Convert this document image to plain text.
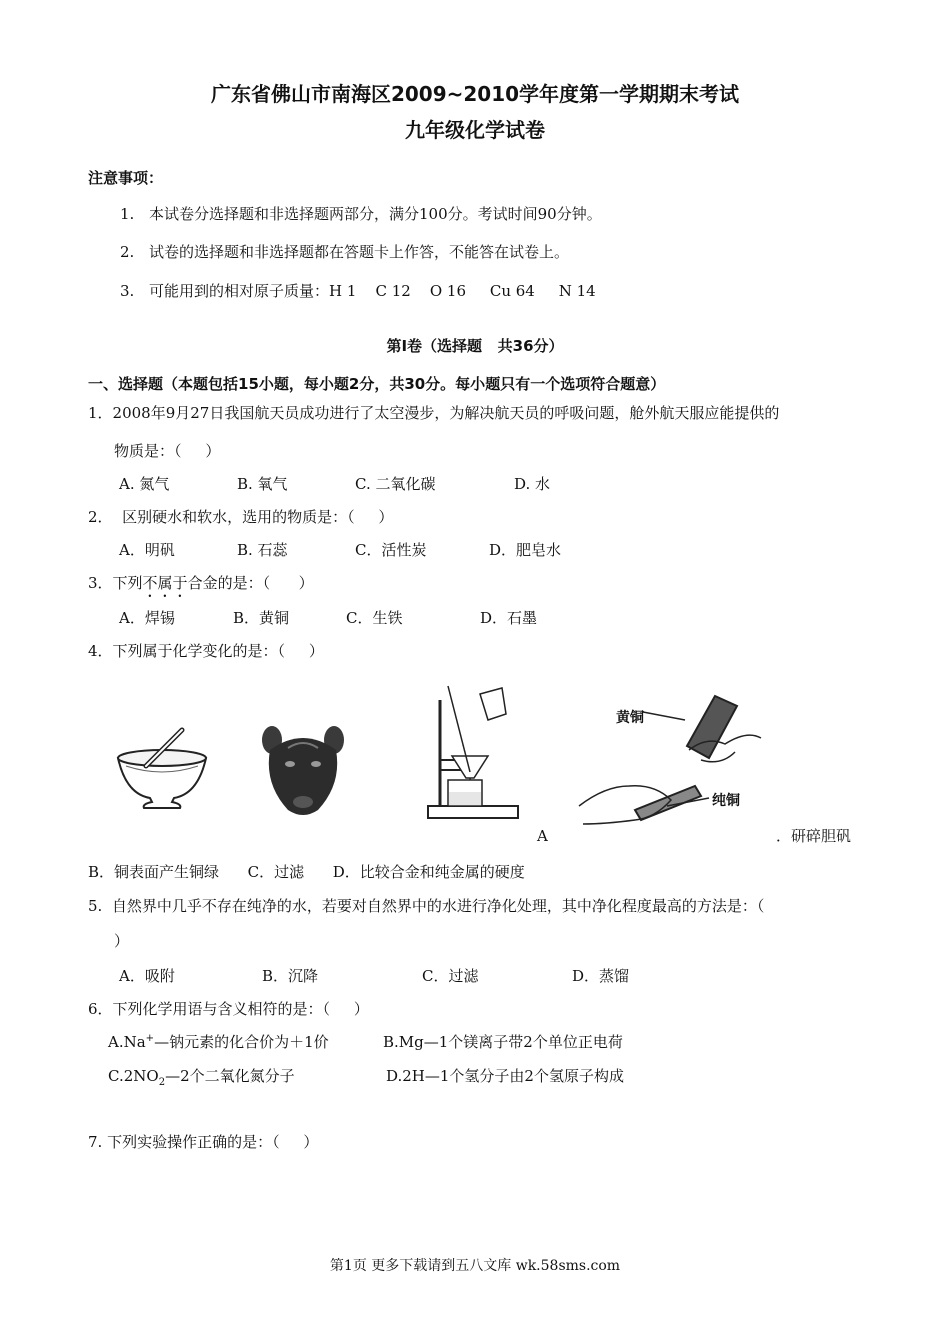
广东省佛山市南海区2009~2010学年度第一学期期末考试
九年级化学试卷
注意事项：
1. 本试卷分选择题和非选择题两部分，满分100分。考试时间90分钟。
2. 试卷的选择题和非选择题都在答题卡上作答，不能答在试卷上。
3. 可能用到的相对原子质量：H 1    C 12    O 16     Cu 64     N 14
第Ⅰ卷（选择题   共36分）
一、选择题（本题包括15小题，每小题2分，共30分。每小题只有一个选项符合题意）
1．2008年9月27日我国航天员成功进行了太空漫步，为解决航天员的呼吸问题，舱外航天服应能提供的
物质是：（     ）
A. 氮气	B. 氧气	C. 二氧化碳	D. 水
2．  区别硬水和软水，选用的物质是：（     ）
A．明矾	B. 石蕊	C．活性炭	D．肥皂水
3．下列不属于合金的是：（      ）
A．焊锡	B．黄铜	C．生铁	D．石墨
4．下列属于化学变化的是：（     ）
黄铜
纯铜
A	．研碎胆矾
B．铜表面产生铜绿      C．过滤      D．比较合金和纯金属的硬度
5.  自然界中几乎不存在纯净的水，若要对自然界中的水进行净化处理，其中净化程度最高的方法是：（
）
A．吸附	B．沉降	C．过滤	D．蒸馏
6．下列化学用语与含义相符的是：（     ）
A.Na+—钠元素的化合价为＋1价	B.Mg—1个镁离子带2个单位正电荷
$C.2NO_2—2$个二氧化氮分子	D.2H—1个氢分子由2个氢原子构成
7. 下列实验操作正确的是：（     ）
第1页 更多下载请到五八文库 wk.58sms.com
